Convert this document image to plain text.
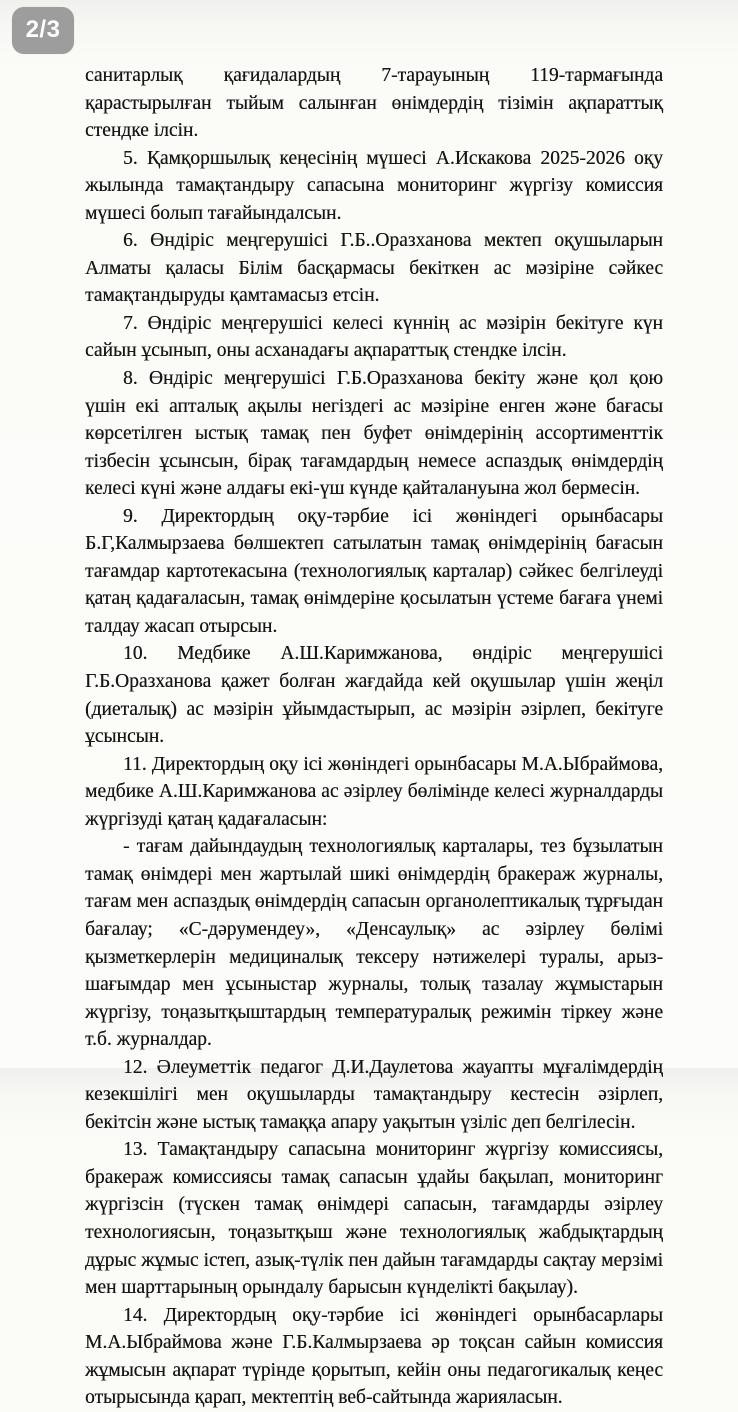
2/3

санитарлық қағидалардың 7-тарауының 119-тармағында қарастырылған тыйым салынған өнімдердің тізімін ақпараттық стендке ілсін.

5. Қамқоршылық кеңесінің мүшесі А.Искакова 2025-2026 оқу жылында тамақтандыру сапасына мониторинг жүргізу комиссия мүшесі болып тағайындалсын.

6. Өндіріс меңгерушісі Г.Б..Оразханова мектеп оқушыларын Алматы қаласы Білім басқармасы бекіткен ас мәзіріне сәйкес тамақтандыруды қамтамасыз етсін.

7. Өндіріс меңгерушісі келесі күннің ас мәзірін бекітуге күн сайын ұсынып, оны асханадағы ақпараттық стендке ілсін.

8. Өндіріс меңгерушісі Г.Б.Оразханова бекіту және қол қою үшін екі апталық ақылы негіздегі ас мәзіріне енген және бағасы көрсетілген ыстық тамақ пен буфет өнімдерінің ассортименттік тізбесін ұсынсын, бірақ тағамдардың немесе аспаздық өнімдердің келесі күні және алдағы екі-үш күнде қайталануына жол бермесін.

9. Директордың оқу-тәрбие ісі жөніндегі орынбасары Б.Г,Калмырзаева бөлшектеп сатылатын тамақ өнімдерінің бағасын тағамдар картотекасына (технологиялық карталар) сәйкес белгілеуді қатаң қадағаласын, тамақ өнімдеріне қосылатын үстеме бағаға үнемі талдау жасап отырсын.

10. Медбике А.Ш.Каримжанова, өндіріс меңгерушісі Г.Б.Оразханова қажет болған жағдайда кей оқушылар үшін жеңіл (диеталық) ас мәзірін ұйымдастырып, ас мәзірін әзірлеп, бекітуге ұсынсын.

11. Директордың оқу ісі жөніндегі орынбасары М.А.Ыбраймова, медбике А.Ш.Каримжанова ас әзірлеу бөлімінде келесі журналдарды жүргізуді қатаң қадағаласын:

- тағам дайындаудың технологиялық карталары, тез бұзылатын тамақ өнімдері мен жартылай шикі өнімдердің бракераж журналы, тағам мен аспаздық өнімдердің сапасын органолептикалық тұрғыдан бағалау; «С-дәрумендеу», «Денсаулық» ас әзірлеу бөлімі қызметкерлерін медициналық тексеру нәтижелері туралы, арыз-шағымдар мен ұсыныстар журналы, толық тазалау жұмыстарын жүргізу, тоңазытқыштардың температуралық режимін тіркеу және т.б. журналдар.

12. Әлеуметтік педагог Д.И.Даулетова жауапты мұғалімдердің кезекшілігі мен оқушыларды тамақтандыру кестесін әзірлеп, бекітсін және ыстық тамаққа апару уақытын үзіліс деп белгілесін.

13. Тамақтандыру сапасына мониторинг жүргізу комиссиясы, бракераж комиссиясы тамақ сапасын ұдайы бақылап, мониторинг жүргізсін (түскен тамақ өнімдері сапасын, тағамдарды әзірлеу технологиясын, тоңазытқыш және технологиялық жабдықтардың дұрыс жұмыс істеп, азық-түлік пен дайын тағамдарды сақтау мерзімі мен шарттарының орындалу барысын күнделікті бақылау).

14. Директордың оқу-тәрбие ісі жөніндегі орынбасарлары М.А.Ыбраймова және Г.Б.Калмырзаева әр тоқсан сайын комиссия жұмысын ақпарат түрінде қорытып, кейін оны педагогикалық кеңес отырысында қарап, мектептің веб-сайтында жарияласын.
